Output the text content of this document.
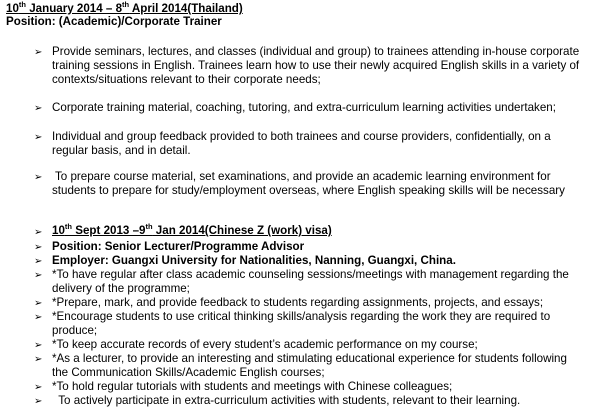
10th January 2014 – 8th April 2014(Thailand)
Position: (Academic)/Corporate Trainer
➢ Provide seminars, lectures, and classes (individual and group) to trainees attending in-house corporate
training sessions in English. Trainees learn how to use their newly acquired English skills in a variety of
contexts/situations relevant to their corporate needs;
➢ Corporate training material, coaching, tutoring, and extra-curriculum learning activities undertaken;
➢ Individual and group feedback provided to both trainees and course providers, confidentially, on a
regular basis, and in detail.
➢ To prepare course material, set examinations, and provide an academic learning environment for
students to prepare for study/employment overseas, where English speaking skills will be necessary
➢ 10th Sept 2013 –9th Jan 2014(Chinese Z (work) visa)
➢ Position: Senior Lecturer/Programme Advisor
➢ Employer: Guangxi University for Nationalities, Nanning, Guangxi, China.
➢ *To have regular after class academic counseling sessions/meetings with management regarding the
delivery of the programme;
➢ *Prepare, mark, and provide feedback to students regarding assignments, projects, and essays;
➢ *Encourage students to use critical thinking skills/analysis regarding the work they are required to
produce;
➢ *To keep accurate records of every student’s academic performance on my course;
➢ *As a lecturer, to provide an interesting and stimulating educational experience for students following
the Communication Skills/Academic English courses;
➢ *To hold regular tutorials with students and meetings with Chinese colleagues;
➢ To actively participate in extra-curriculum activities with students, relevant to their learning.
